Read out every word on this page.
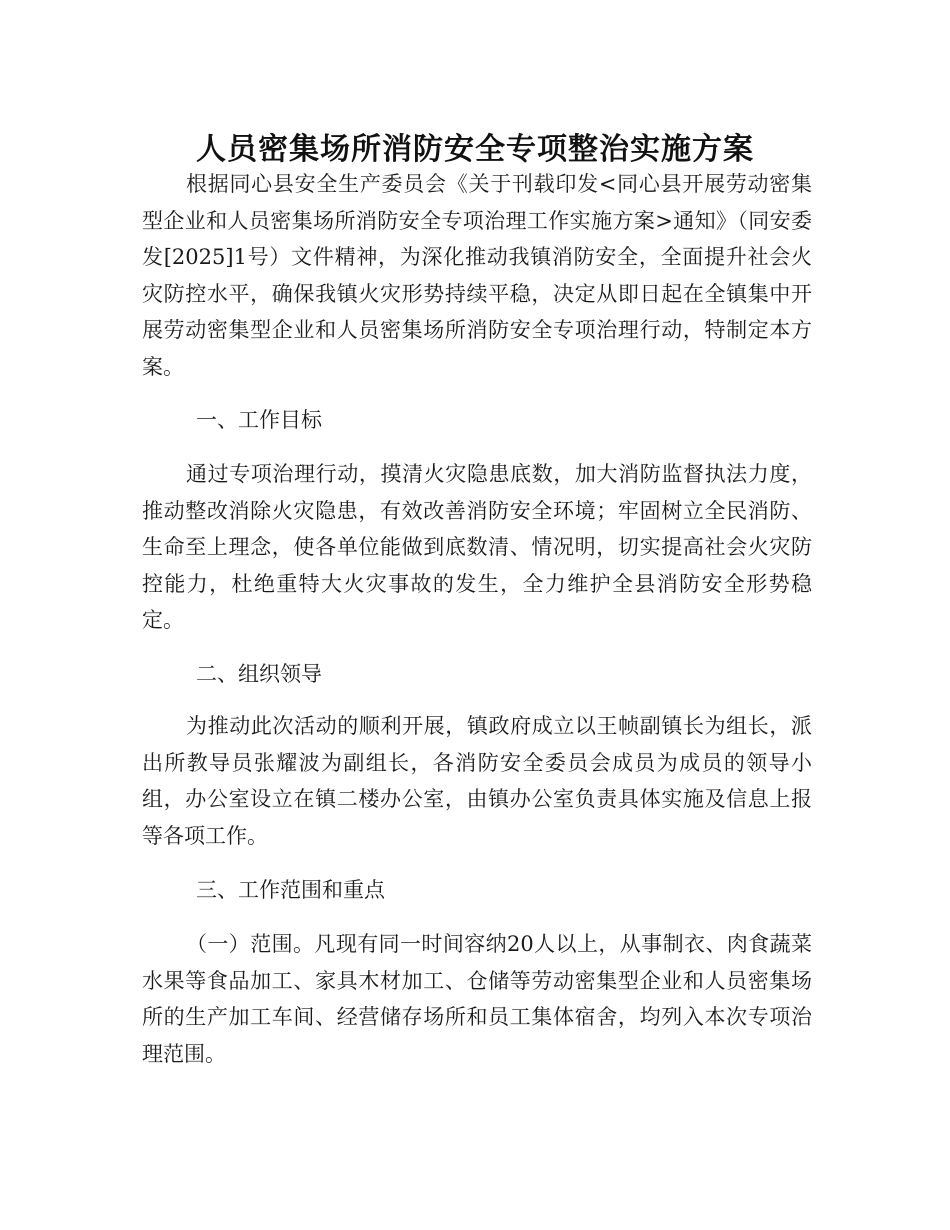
人员密集场所消防安全专项整治实施方案

根据同心县安全生产委员会《关于刊载印发<同心县开展劳动密集型企业和人员密集场所消防安全专项治理工作实施方案>通知》（同安委发[2025]1号）文件精神，为深化推动我镇消防安全，全面提升社会火灾防控水平，确保我镇火灾形势持续平稳，决定从即日起在全镇集中开展劳动密集型企业和人员密集场所消防安全专项治理行动，特制定本方案。

一、工作目标

通过专项治理行动，摸清火灾隐患底数，加大消防监督执法力度，推动整改消除火灾隐患，有效改善消防安全环境；牢固树立全民消防、生命至上理念，使各单位能做到底数清、情况明，切实提高社会火灾防控能力，杜绝重特大火灾事故的发生，全力维护全县消防安全形势稳定。

二、组织领导

为推动此次活动的顺利开展，镇政府成立以王帧副镇长为组长，派出所教导员张耀波为副组长，各消防安全委员会成员为成员的领导小组，办公室设立在镇二楼办公室，由镇办公室负责具体实施及信息上报等各项工作。

三、工作范围和重点

（一）范围。凡现有同一时间容纳20人以上，从事制衣、肉食蔬菜水果等食品加工、家具木材加工、仓储等劳动密集型企业和人员密集场所的生产加工车间、经营储存场所和员工集体宿舍，均列入本次专项治理范围。
